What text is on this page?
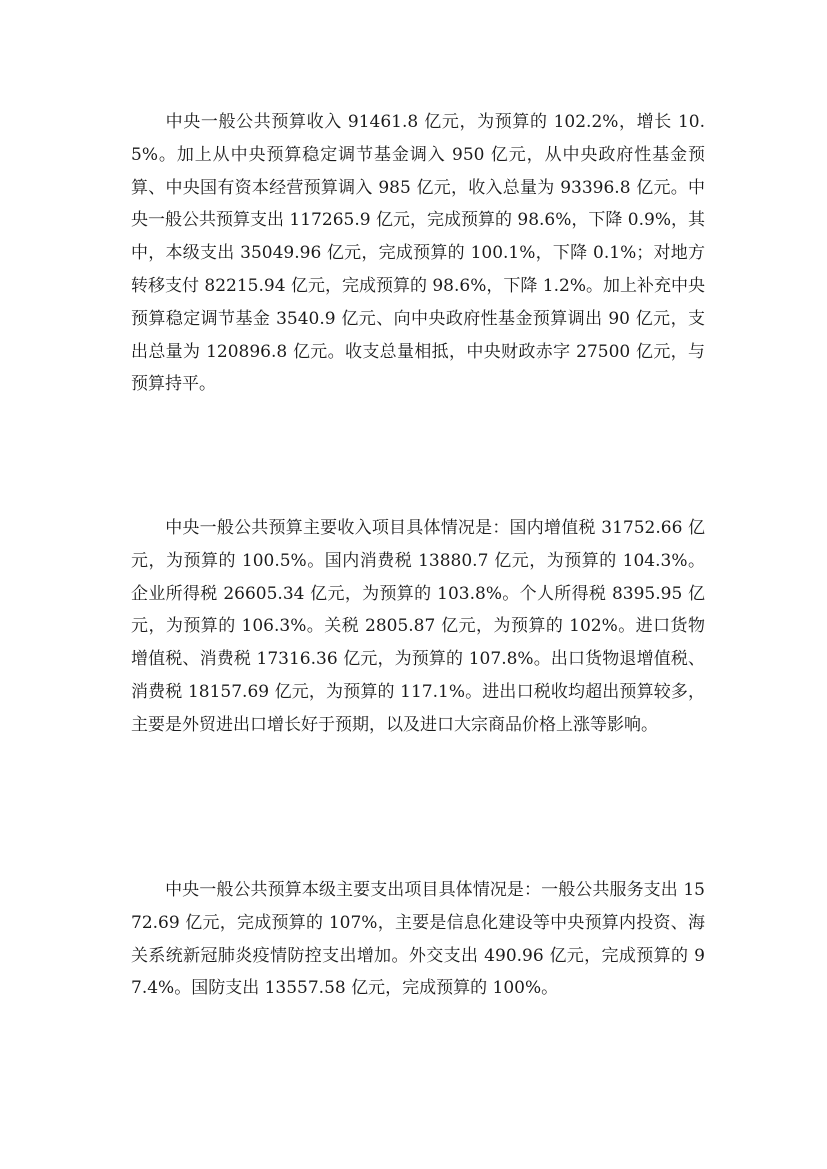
中央一般公共预算收入 91461.8 亿元，为预算的 102.2%，增长 10.5%。加上从中央预算稳定调节基金调入 950 亿元，从中央政府性基金预算、中央国有资本经营预算调入 985 亿元，收入总量为 93396.8 亿元。中央一般公共预算支出 117265.9 亿元，完成预算的 98.6%，下降 0.9%，其中，本级支出 35049.96 亿元，完成预算的 100.1%，下降 0.1%；对地方转移支付 82215.94 亿元，完成预算的 98.6%，下降 1.2%。加上补充中央预算稳定调节基金 3540.9 亿元、向中央政府性基金预算调出 90 亿元，支出总量为 120896.8 亿元。收支总量相抵，中央财政赤字 27500 亿元，与预算持平。
中央一般公共预算主要收入项目具体情况是：国内增值税 31752.66 亿元，为预算的 100.5%。国内消费税 13880.7 亿元，为预算的 104.3%。企业所得税 26605.34 亿元，为预算的 103.8%。个人所得税 8395.95 亿元，为预算的 106.3%。关税 2805.87 亿元，为预算的 102%。进口货物增值税、消费税 17316.36 亿元，为预算的 107.8%。出口货物退增值税、消费税 18157.69 亿元，为预算的 117.1%。进出口税收均超出预算较多，主要是外贸进出口增长好于预期，以及进口大宗商品价格上涨等影响。
中央一般公共预算本级主要支出项目具体情况是：一般公共服务支出 1572.69 亿元，完成预算的 107%，主要是信息化建设等中央预算内投资、海关系统新冠肺炎疫情防控支出增加。外交支出 490.96 亿元，完成预算的 97.4%。国防支出 13557.58 亿元，完成预算的 100%。
